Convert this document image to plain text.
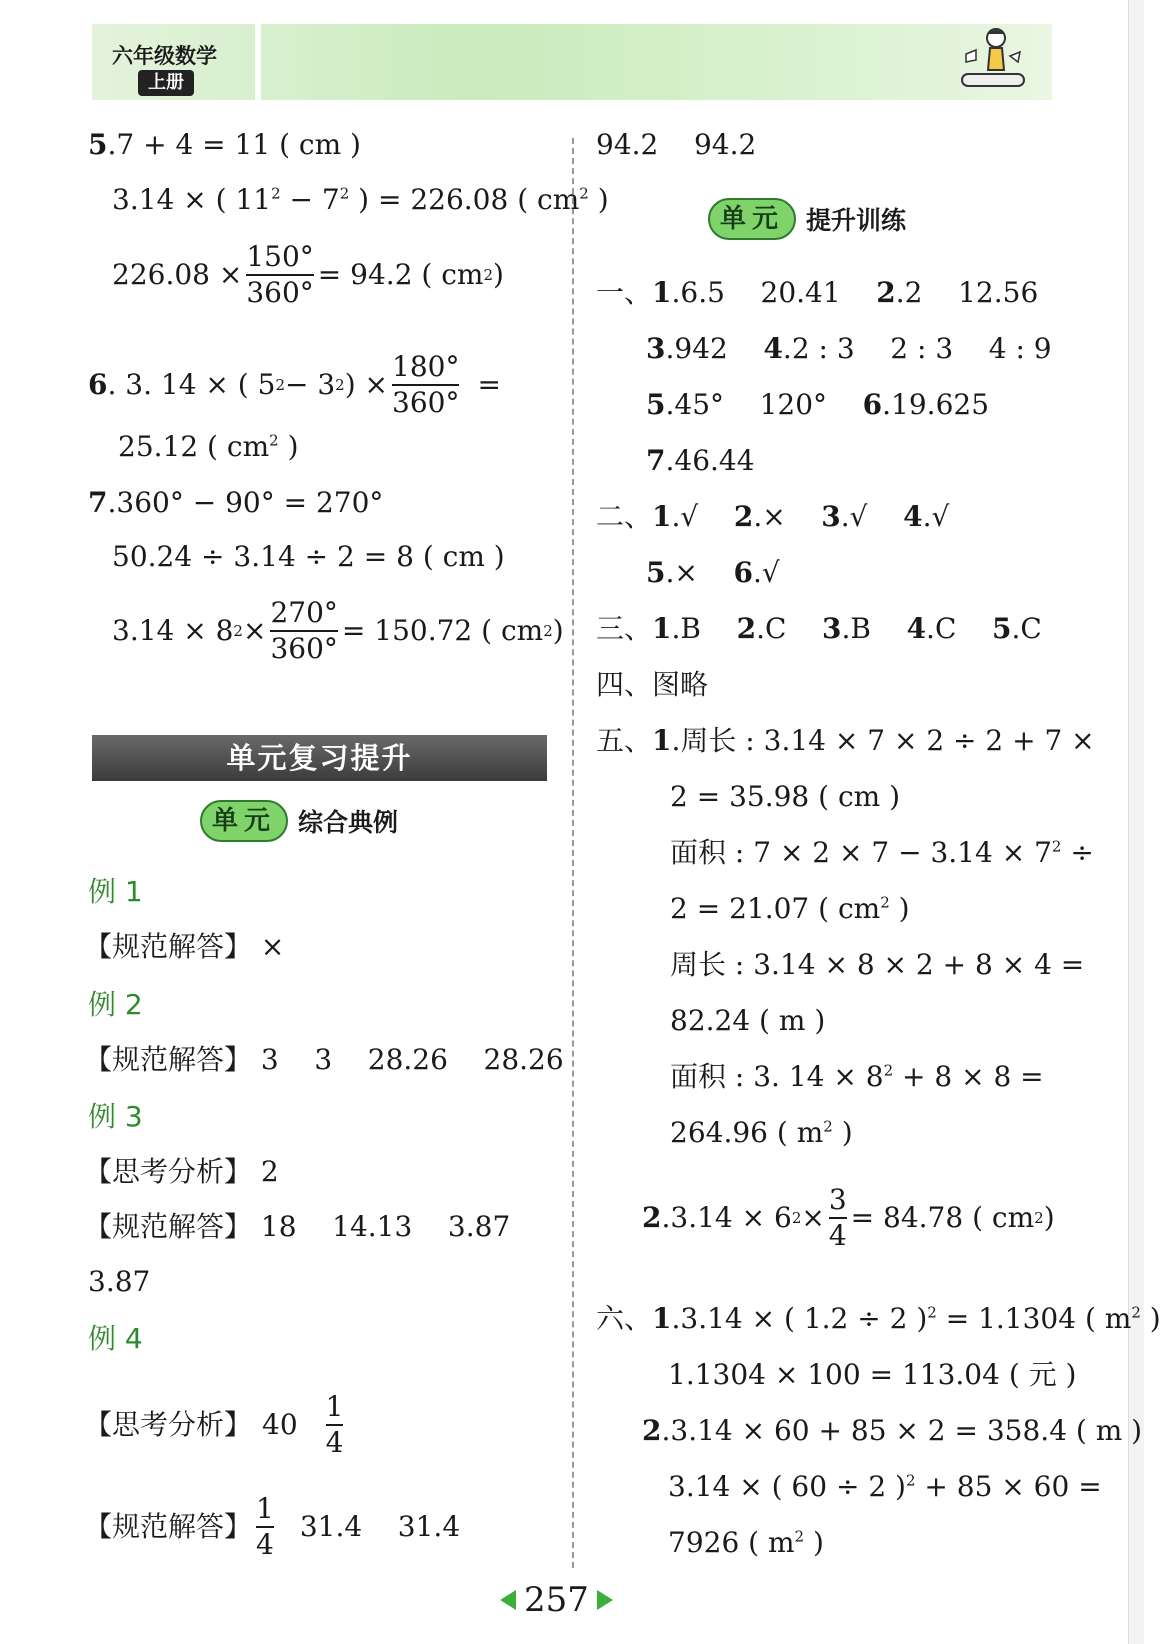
六年级数学
上册
5.7 + 4 = 11 ( cm )
3.14 × ( $11^2 - 7^2$ ) = 226.08 ( $cm^2$ )
$226.08 \times \frac{150^\circ}{360^\circ} = 94.2$ ( cm 2 )
6 . 3. 14 × ( 5 2 − 3 2 ) × $\frac{180^\circ}{360^\circ}$ =
25.12 ( $cm^2$ )
7.360° − 90° = 270°
50.24 ÷ 3.14 ÷ 2 = 8 ( cm )
3.14 × 8 $2 \times \frac{270^\circ}{360^\circ} = 150.72$ ( cm 2 )
单元复习提升
单元 综合典例
例 1
【规范解答】 ×
例 2
【规范解答】 3    3    28.26    28.26
例 3
【思考分析】 2
【规范解答】 18    14.13    3.87
3.87
例 4
【思考分析】 $40 \frac{1}{4}$
【规范解答】 $\frac{1}{4} 31.4$    31.4
94.2    94.2
单元 提升训练
一、1.6.5    20.41    2.2    12.56
3.942    4.2 : 3    2 : 3    4 : 9
5.45°    120°    6.19.625
7.46.44
二、1.√    2.×    3.√    4.√
5.×    6.√
三、1.B    2.C    3.B    4.C    5.C
四、图略
五、1.周长 : 3.14 × 7 × 2 ÷ 2 + 7 ×
2 = 35.98 ( cm )
面积 : $7 \times 2 \times 7 - 3.14 \times 7^2$ ÷
2 = 21.07 ( $cm^2$ )
周长 : 3.14 × 8 × 2 + 8 × 4 =
82.24 ( m )
面积 : 3. $14 \times 8^2 + 8 \times 8$ =
264.96 ( $m^2$ )
2 .3.14 × 6 $2 \times \frac{3}{4} = 84.78$ ( cm 2 )
六、1.3.14 × ( 1.2 ÷ 2 )$^2$ = 1.1304 ( $m^2$ )
1.1304 × 100 = 113.04 ( 元 )
2.3.14 × 60 + 85 × 2 = 358.4 ( m )
3.14 × ( 60 ÷ 2 )$^2$ + 85 × 60 =
7926 ( $m^2$ )
257
